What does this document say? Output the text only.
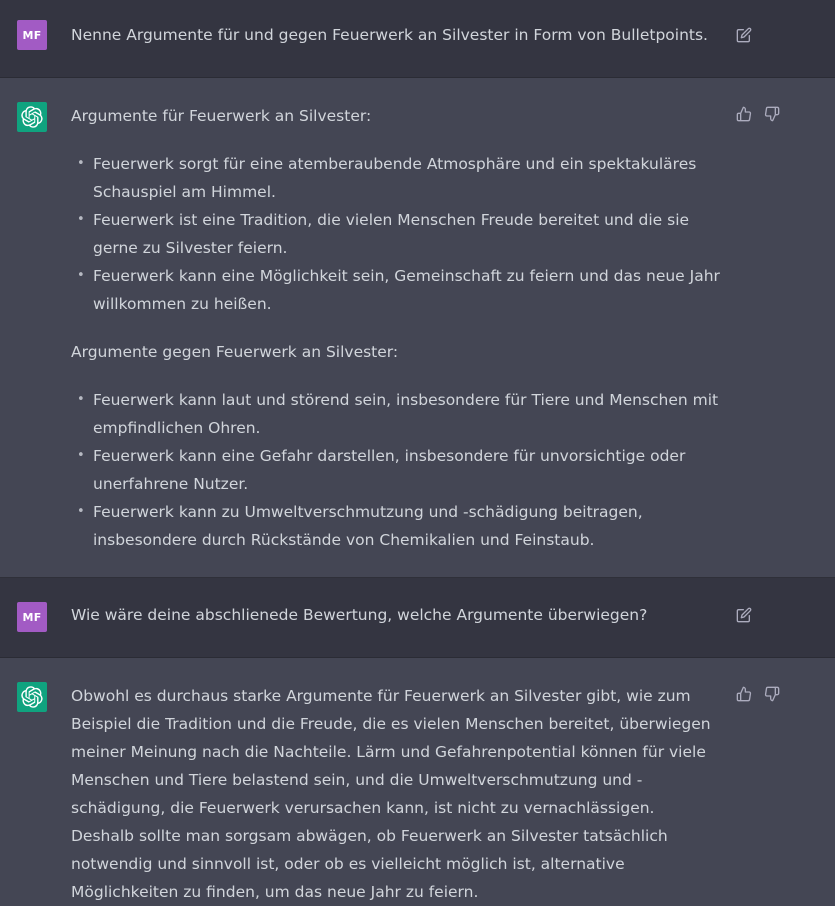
MF Nenne Argumente für und gegen Feuerwerk an Silvester in Form von Bulletpoints.

Argumente für Feuerwerk an Silvester:

• Feuerwerk sorgt für eine atemberaubende Atmosphäre und ein spektakuläres Schauspiel am Himmel.
• Feuerwerk ist eine Tradition, die vielen Menschen Freude bereitet und die sie gerne zu Silvester feiern.
• Feuerwerk kann eine Möglichkeit sein, Gemeinschaft zu feiern und das neue Jahr willkommen zu heißen.

Argumente gegen Feuerwerk an Silvester:

• Feuerwerk kann laut und störend sein, insbesondere für Tiere und Menschen mit empfindlichen Ohren.
• Feuerwerk kann eine Gefahr darstellen, insbesondere für unvorsichtige oder unerfahrene Nutzer.
• Feuerwerk kann zu Umweltverschmutzung und -schädigung beitragen, insbesondere durch Rückstände von Chemikalien und Feinstaub.
MF Wie wäre deine abschlienede Bewertung, welche Argumente überwiegen?

Obwohl es durchaus starke Argumente für Feuerwerk an Silvester gibt, wie zum Beispiel die Tradition und die Freude, die es vielen Menschen bereitet, überwiegen meiner Meinung nach die Nachteile. Lärm und Gefahrenpotential können für viele Menschen und Tiere belastend sein, und die Umweltverschmutzung und -schädigung, die Feuerwerk verursachen kann, ist nicht zu vernachlässigen. Deshalb sollte man sorgsam abwägen, ob Feuerwerk an Silvester tatsächlich notwendig und sinnvoll ist, oder ob es vielleicht möglich ist, alternative Möglichkeiten zu finden, um das neue Jahr zu feiern.
